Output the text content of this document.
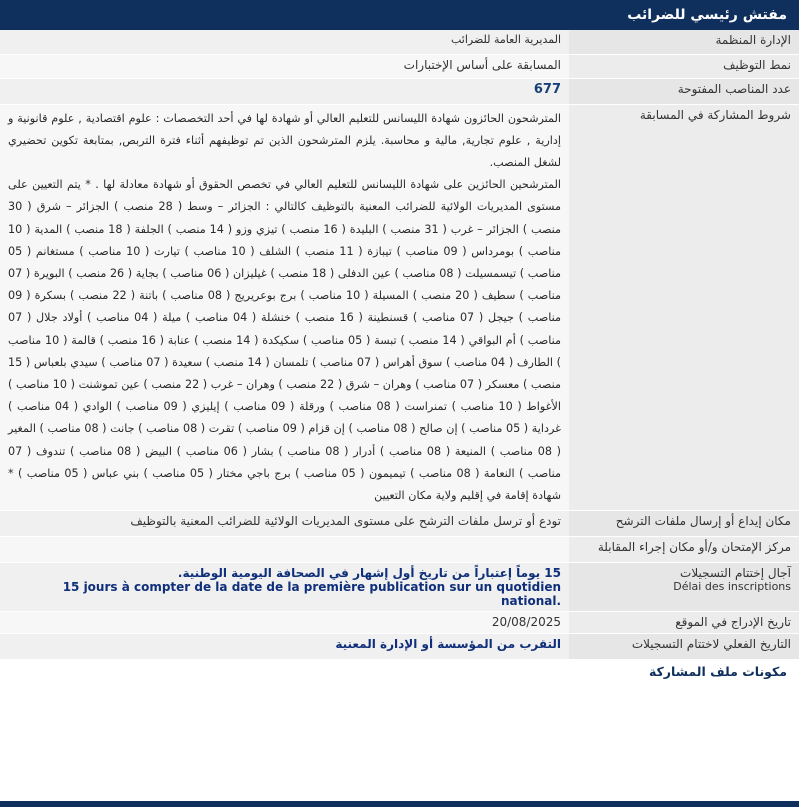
مفتش رئيسي للضرائب
الإدارة المنظمة	المديرية العامة للضرائب
نمط التوظيف	المسابقة على أساس الإختبارات
عدد المناصب المفتوحة	677
شروط المشاركة في المسابقة	المترشحون الحائزون شهادة الليسانس للتعليم العالي أو شهادة لها في أحد التخصصات : علوم اقتصادية , علوم قانونية و إدارية , علوم تجارية, مالية و محاسبة. يلزم المترشحون الذين تم توظيفهم أثناء فترة التربص, بمتابعة تكوين تحضيري لشغل المنصب.

المترشحين الحائزين على شهادة الليسانس للتعليم العالي في تخصص الحقوق أو شهادة معادلة لها . * يتم التعيين على مستوى المديريات الولائية للضرائب المعنية بالتوظيف كالتالي : الجزائر – وسط ( 28 منصب ) الجزائر – شرق ( 30 منصب ) الجزائر – غرب ( 31 منصب ) البليدة ( 16 منصب ) تيزي وزو ( 14 منصب ) الجلفة ( 18 منصب ) المدية ( 10 مناصب ) بومرداس ( 09 مناصب ) تيبازة ( 11 منصب ) الشلف ( 10 مناصب ) تيارت ( 10 مناصب ) مستغانم ( 05 مناصب ) تيسمسيلت ( 08 مناصب ) عين الدفلى ( 18 منصب ) غيليزان ( 06 مناصب ) بجاية ( 26 منصب ) البويرة ( 07 مناصب ) سطيف ( 20 منصب ) المسيلة ( 10 مناصب ) برج بوعريريج ( 08 مناصب ) باتنة ( 22 منصب ) بسكرة ( 09 مناصب ) جيجل ( 07 مناصب ) قسنطينة ( 16 منصب ) خنشلة ( 04 مناصب ) ميلة ( 04 مناصب ) أولاد جلال ( 07 مناصب ) أم البواقي ( 14 منصب ) تبسة ( 05 مناصب ) سكيكدة ( 14 منصب ) عنابة ( 16 منصب ) قالمة ( 10 مناصب ) الطارف ( 04 مناصب ) سوق أهراس ( 07 مناصب ) تلمسان ( 14 منصب ) سعيدة ( 07 مناصب ) سيدي بلعباس ( 15 منصب ) معسكر ( 07 مناصب ) وهران – شرق ( 22 منصب ) وهران – غرب ( 22 منصب ) عين تموشنت ( 10 مناصب ) الأغواط ( 10 مناصب ) تمنراست ( 08 مناصب ) ورقلة ( 09 مناصب ) إيليزي ( 09 مناصب ) الوادي ( 04 مناصب ) غرداية ( 05 مناصب ) إن صالح ( 08 مناصب ) إن قزام ( 09 مناصب ) تقرت ( 08 مناصب ) جانت ( 08 مناصب ) المغير ( 08 مناصب ) المنيعة ( 08 مناصب ) أدرار ( 08 مناصب ) بشار ( 06 مناصب ) البيض ( 08 مناصب ) تندوف ( 07 مناصب ) النعامة ( 08 مناصب ) تيميمون ( 05 مناصب ) برج باجي مختار ( 05 مناصب ) بني عباس ( 05 مناصب ) * شهادة إقامة في إقليم ولاية مكان التعيين

مكان إيداع أو إرسال ملفات الترشح	تودع أو ترسل ملفات الترشح على مستوى المديريات الولائية للضرائب المعنية بالتوظيف
مركز الإمتحان و/أو مكان إجراء المقابلة	
آجال إختتام التسجيلات
Délai des inscriptions	15 يوماً إعتباراً من تاريخ أول إشهار في الصحافة اليومية الوطنية.
15 jours à compter de la date de la première publication sur un quotidien national.

تاريخ الإدراج في الموقع	20/08/2025
التاريخ الفعلي لاختتام التسجيلات	التقرب من المؤسسة أو الإدارة المعنية
مكونات ملف المشاركة
